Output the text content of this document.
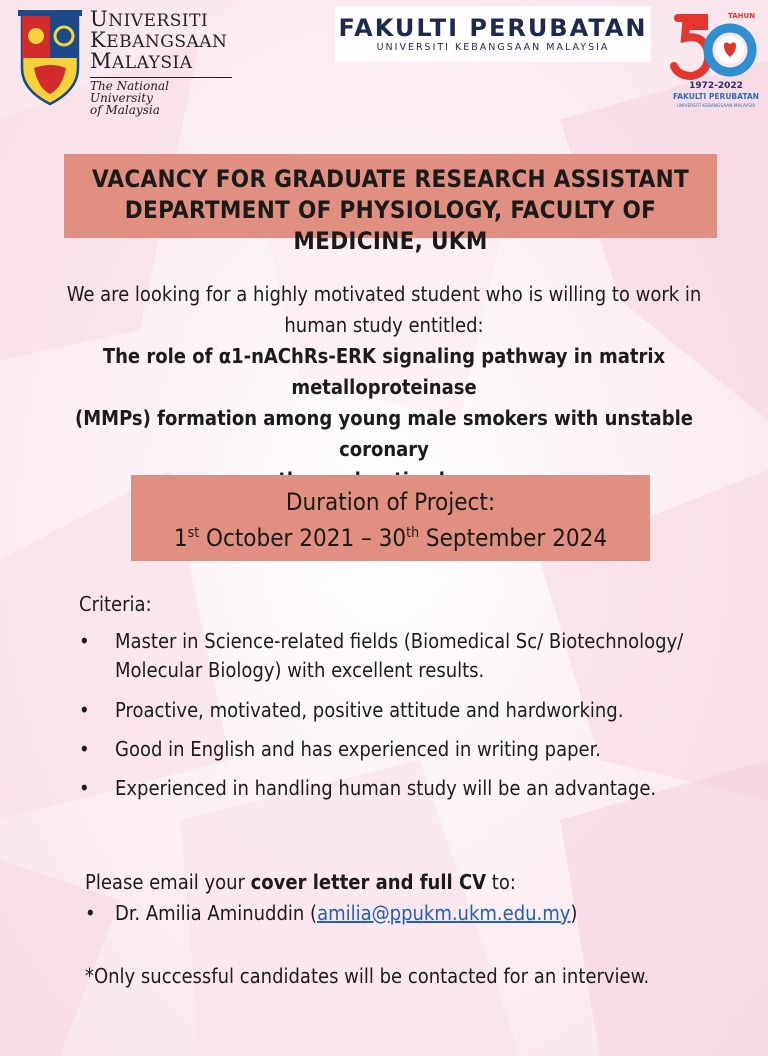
UNIVERSITI
KEBANGSAAN
MALAYSIA
The National University
of Malaysia
FAKULTI PERUBATAN
UNIVERSITI KEBANGSAAN MALAYSIA
TAHUN
1972-2022
FAKULTI PERUBATAN
UNIVERSITI KEBANGSAAN MALAYSIA
VACANCY FOR GRADUATE RESEARCH ASSISTANT
DEPARTMENT OF PHYSIOLOGY, FACULTY OF MEDICINE, UKM
We are looking for a highly motivated student who is willing to work in
human study entitled:
The role of α1-nAChRs-ERK signaling pathway in matrix metalloproteinase
(MMPs) formation among young male smokers with unstable coronary
Duration of Project:
1st October 2021 – 30th September 2024
Criteria:
•	Master in Science-related fields (Biomedical Sc/ Biotechnology/
Molecular Biology) with excellent results.
•	Proactive, motivated, positive attitude and hardworking.
•	Good in English and has experienced in writing paper.
•	Experienced in handling human study will be an advantage.
Please email your cover letter and full CV to:
• Dr. Amilia Aminuddin (amilia@ppukm.ukm.edu.my)
*Only successful candidates will be contacted for an interview.
